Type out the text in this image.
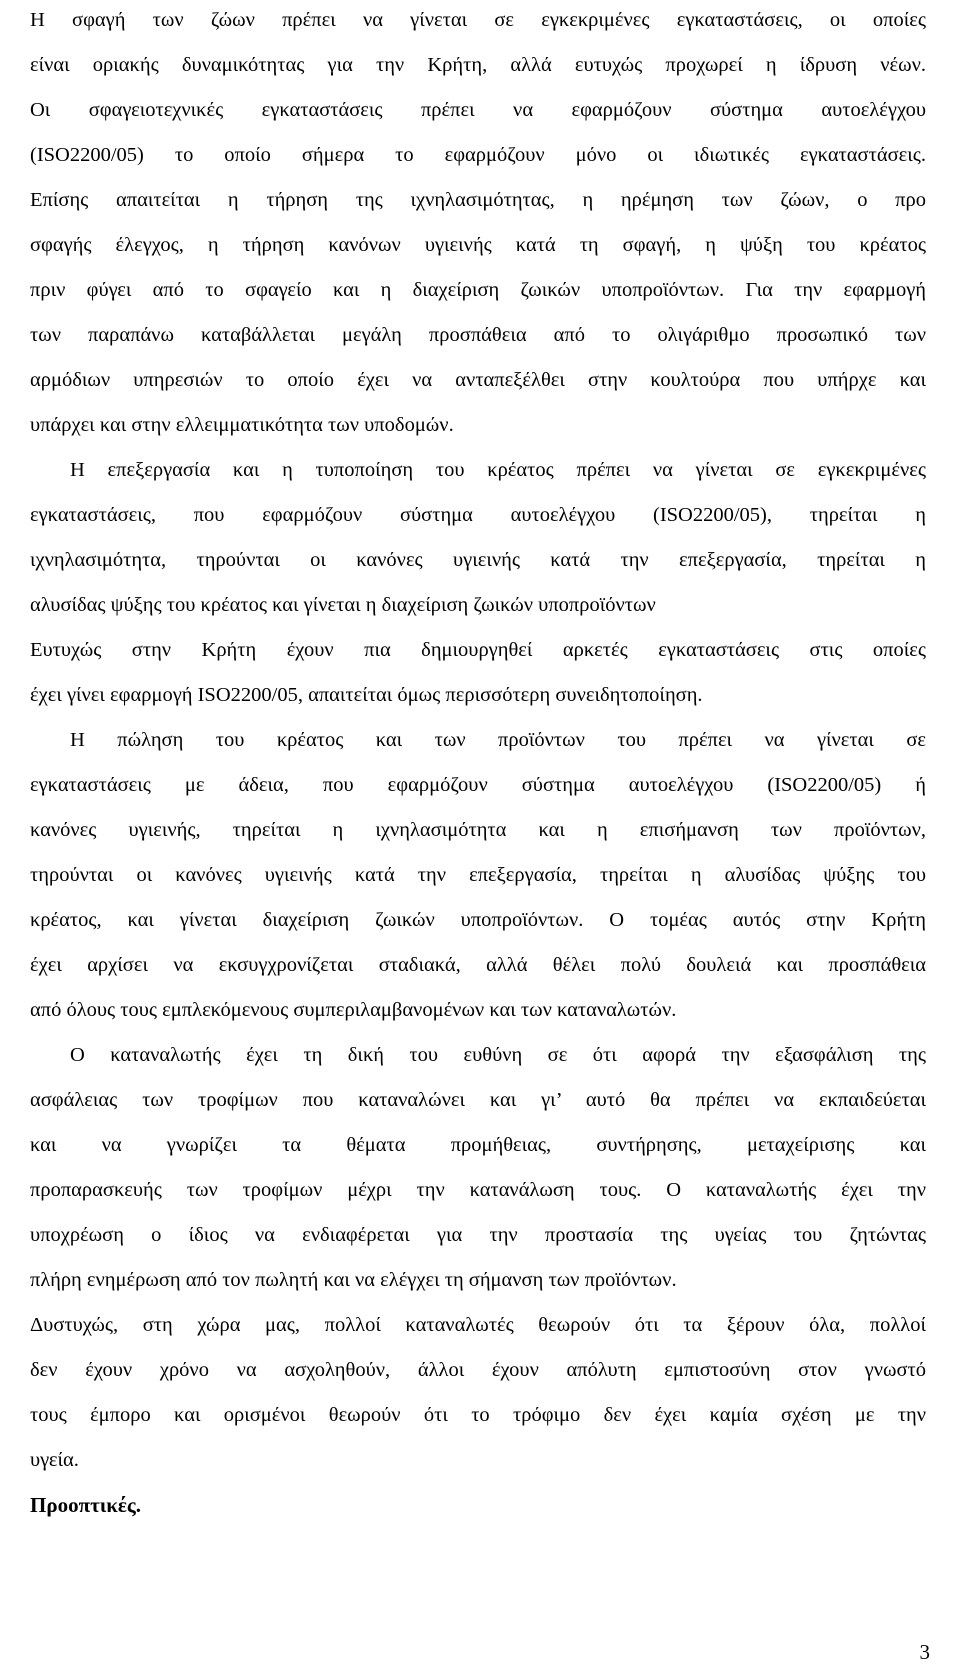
Η σφαγή των ζώων πρέπει να γίνεται σε εγκεκριμένες εγκαταστάσεις, οι οποίες
είναι οριακής δυναμικότητας για την Κρήτη, αλλά ευτυχώς προχωρεί η ίδρυση νέων.
Οι σφαγειοτεχνικές εγκαταστάσεις πρέπει να εφαρμόζουν σύστημα αυτοελέγχου
(ISO2200/05) το οποίο σήμερα το εφαρμόζουν μόνο οι ιδιωτικές εγκαταστάσεις.
Επίσης απαιτείται η τήρηση της ιχνηλασιμότητας, η ηρέμηση των ζώων, ο προ
σφαγής έλεγχος, η τήρηση κανόνων υγιεινής κατά τη σφαγή, η ψύξη του κρέατος
πριν φύγει από το σφαγείο και η διαχείριση ζωικών υποπροϊόντων. Για την εφαρμογή
των παραπάνω καταβάλλεται μεγάλη προσπάθεια από το ολιγάριθμο προσωπικό των
αρμόδιων υπηρεσιών το οποίο έχει να ανταπεξέλθει στην κουλτούρα που υπήρχε και
υπάρχει και στην ελλειμματικότητα των υποδομών.
Η επεξεργασία και η τυποποίηση του κρέατος πρέπει να γίνεται σε εγκεκριμένες
εγκαταστάσεις, που εφαρμόζουν σύστημα αυτοελέγχου (ISO2200/05), τηρείται η
ιχνηλασιμότητα, τηρούνται οι κανόνες υγιεινής κατά την επεξεργασία, τηρείται η
αλυσίδας ψύξης του κρέατος και γίνεται η διαχείριση ζωικών υποπροϊόντων
Ευτυχώς στην Κρήτη έχουν πια δημιουργηθεί αρκετές εγκαταστάσεις στις οποίες
έχει γίνει εφαρμογή ISO2200/05, απαιτείται όμως περισσότερη συνειδητοποίηση.
Η πώληση του κρέατος και των προϊόντων του πρέπει να γίνεται σε
εγκαταστάσεις με άδεια, που εφαρμόζουν σύστημα αυτοελέγχου (ISO2200/05) ή
κανόνες υγιεινής, τηρείται η ιχνηλασιμότητα και η επισήμανση των προϊόντων,
τηρούνται οι κανόνες υγιεινής κατά την επεξεργασία, τηρείται η αλυσίδας ψύξης του
κρέατος, και γίνεται διαχείριση ζωικών υποπροϊόντων. Ο τομέας αυτός στην Κρήτη
έχει αρχίσει να εκσυγχρονίζεται σταδιακά, αλλά θέλει πολύ δουλειά και προσπάθεια
από όλους τους εμπλεκόμενους συμπεριλαμβανομένων και των καταναλωτών.
Ο καταναλωτής έχει τη δική του ευθύνη σε ότι αφορά την εξασφάλιση της
ασφάλειας των τροφίμων που καταναλώνει και γι’ αυτό θα πρέπει να εκπαιδεύεται
και να γνωρίζει τα θέματα προμήθειας, συντήρησης, μεταχείρισης και
προπαρασκευής των τροφίμων μέχρι την κατανάλωση τους. Ο καταναλωτής έχει την
υποχρέωση ο ίδιος να ενδιαφέρεται για την προστασία της υγείας του ζητώντας
πλήρη ενημέρωση από τον πωλητή και να ελέγχει τη σήμανση των προϊόντων.
Δυστυχώς, στη χώρα μας, πολλοί καταναλωτές θεωρούν ότι τα ξέρουν όλα, πολλοί
δεν έχουν χρόνο να ασχοληθούν, άλλοι έχουν απόλυτη εμπιστοσύνη στον γνωστό
τους έμπορο και ορισμένοι θεωρούν ότι το τρόφιμο δεν έχει καμία σχέση με την
υγεία.
Προοπτικές.
3
